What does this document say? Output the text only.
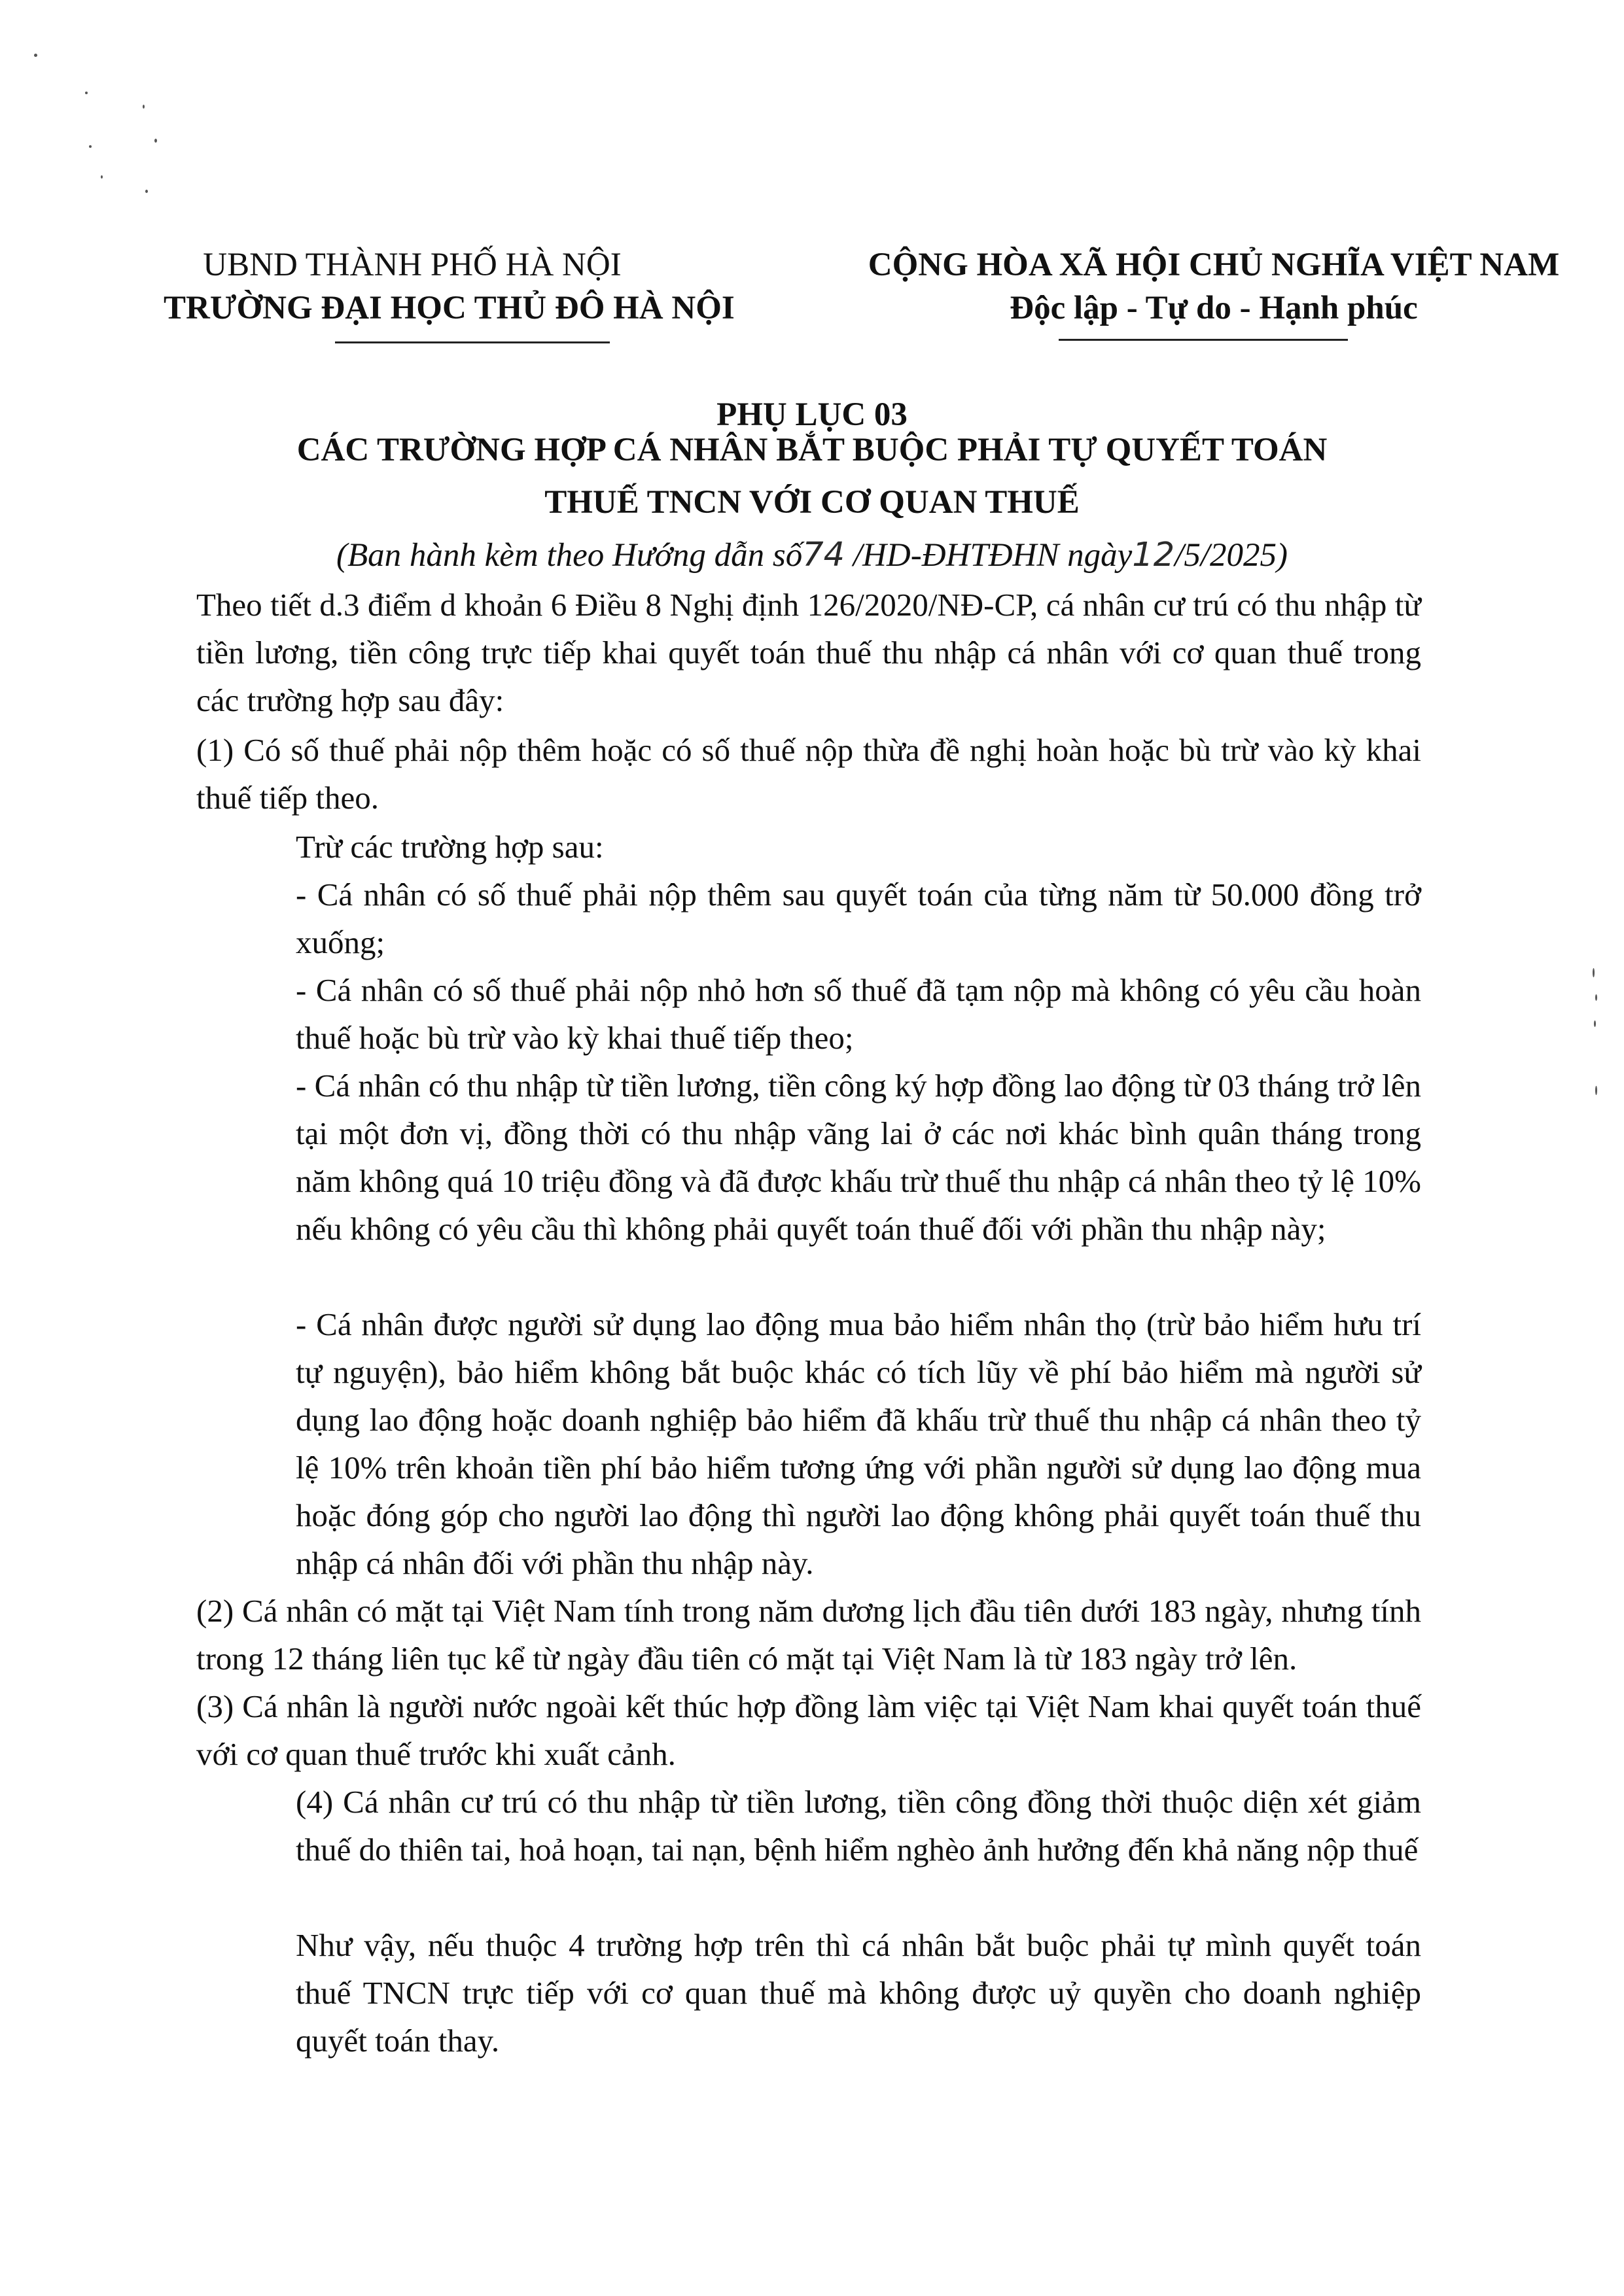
UBND THÀNH PHỐ HÀ NỘI
TRƯỜNG ĐẠI HỌC THỦ ĐÔ HÀ NỘI
CỘNG HÒA XÃ HỘI CHỦ NGHĨA VIỆT NAM
Độc lập - Tự do - Hạnh phúc
PHỤ LỤC 03
CÁC TRƯỜNG HỢP CÁ NHÂN BẮT BUỘC PHẢI TỰ QUYẾT TOÁN
THUẾ TNCN VỚI CƠ QUAN THUẾ
(Ban hành kèm theo Hướng dẫn số74 /HD-ĐHTĐHN ngày12/5/2025)
Theo tiết d.3 điểm d khoản 6 Điều 8 Nghị định 126/2020/NĐ-CP, cá nhân cư trú có thu nhập từ tiền lương, tiền công trực tiếp khai quyết toán thuế thu nhập cá nhân với cơ quan thuế trong các trường hợp sau đây:
(1) Có số thuế phải nộp thêm hoặc có số thuế nộp thừa đề nghị hoàn hoặc bù trừ vào kỳ khai thuế tiếp theo.
Trừ các trường hợp sau:
- Cá nhân có số thuế phải nộp thêm sau quyết toán của từng năm từ 50.000 đồng trở xuống;
- Cá nhân có số thuế phải nộp nhỏ hơn số thuế đã tạm nộp mà không có yêu cầu hoàn thuế hoặc bù trừ vào kỳ khai thuế tiếp theo;
- Cá nhân có thu nhập từ tiền lương, tiền công ký hợp đồng lao động từ 03 tháng trở lên tại một đơn vị, đồng thời có thu nhập vãng lai ở các nơi khác bình quân tháng trong năm không quá 10 triệu đồng và đã được khấu trừ thuế thu nhập cá nhân theo tỷ lệ 10% nếu không có yêu cầu thì không phải quyết toán thuế đối với phần thu nhập này;
- Cá nhân được người sử dụng lao động mua bảo hiểm nhân thọ (trừ bảo hiểm hưu trí tự nguyện), bảo hiểm không bắt buộc khác có tích lũy về phí bảo hiểm mà người sử dụng lao động hoặc doanh nghiệp bảo hiểm đã khấu trừ thuế thu nhập cá nhân theo tỷ lệ 10% trên khoản tiền phí bảo hiểm tương ứng với phần người sử dụng lao động mua hoặc đóng góp cho người lao động thì người lao động không phải quyết toán thuế thu nhập cá nhân đối với phần thu nhập này.
(2) Cá nhân có mặt tại Việt Nam tính trong năm dương lịch đầu tiên dưới 183 ngày, nhưng tính trong 12 tháng liên tục kể từ ngày đầu tiên có mặt tại Việt Nam là từ 183 ngày trở lên.
(3) Cá nhân là người nước ngoài kết thúc hợp đồng làm việc tại Việt Nam khai quyết toán thuế với cơ quan thuế trước khi xuất cảnh.
(4) Cá nhân cư trú có thu nhập từ tiền lương, tiền công đồng thời thuộc diện xét giảm thuế do thiên tai, hoả hoạn, tai nạn, bệnh hiểm nghèo ảnh hưởng đến khả năng nộp thuế
Như vậy, nếu thuộc 4 trường hợp trên thì cá nhân bắt buộc phải tự mình quyết toán thuế TNCN trực tiếp với cơ quan thuế mà không được uỷ quyền cho doanh nghiệp quyết toán thay.
